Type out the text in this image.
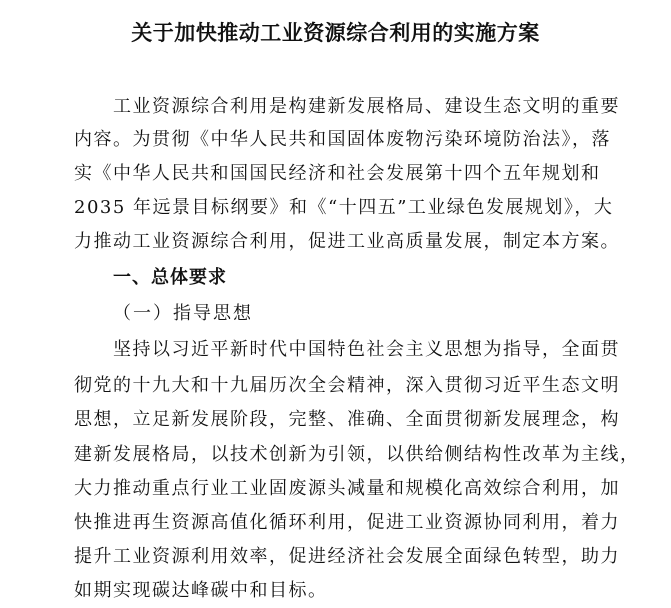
关于加快推动工业资源综合利用的实施方案
工业资源综合利用是构建新发展格局、建设生态文明的重要
内容。为贯彻《中华人民共和国固体废物污染环境防治法》，落
实《中华人民共和国国民经济和社会发展第十四个五年规划和
2035 年远景目标纲要》和《“十四五”工业绿色发展规划》，大
力推动工业资源综合利用，促进工业高质量发展，制定本方案。
一、总体要求
（一）指导思想
坚持以习近平新时代中国特色社会主义思想为指导，全面贯
彻党的十九大和十九届历次全会精神，深入贯彻习近平生态文明
思想，立足新发展阶段，完整、准确、全面贯彻新发展理念，构
建新发展格局，以技术创新为引领，以供给侧结构性改革为主线，
大力推动重点行业工业固废源头减量和规模化高效综合利用，加
快推进再生资源高值化循环利用，促进工业资源协同利用，着力
提升工业资源利用效率，促进经济社会发展全面绿色转型，助力
如期实现碳达峰碳中和目标。
